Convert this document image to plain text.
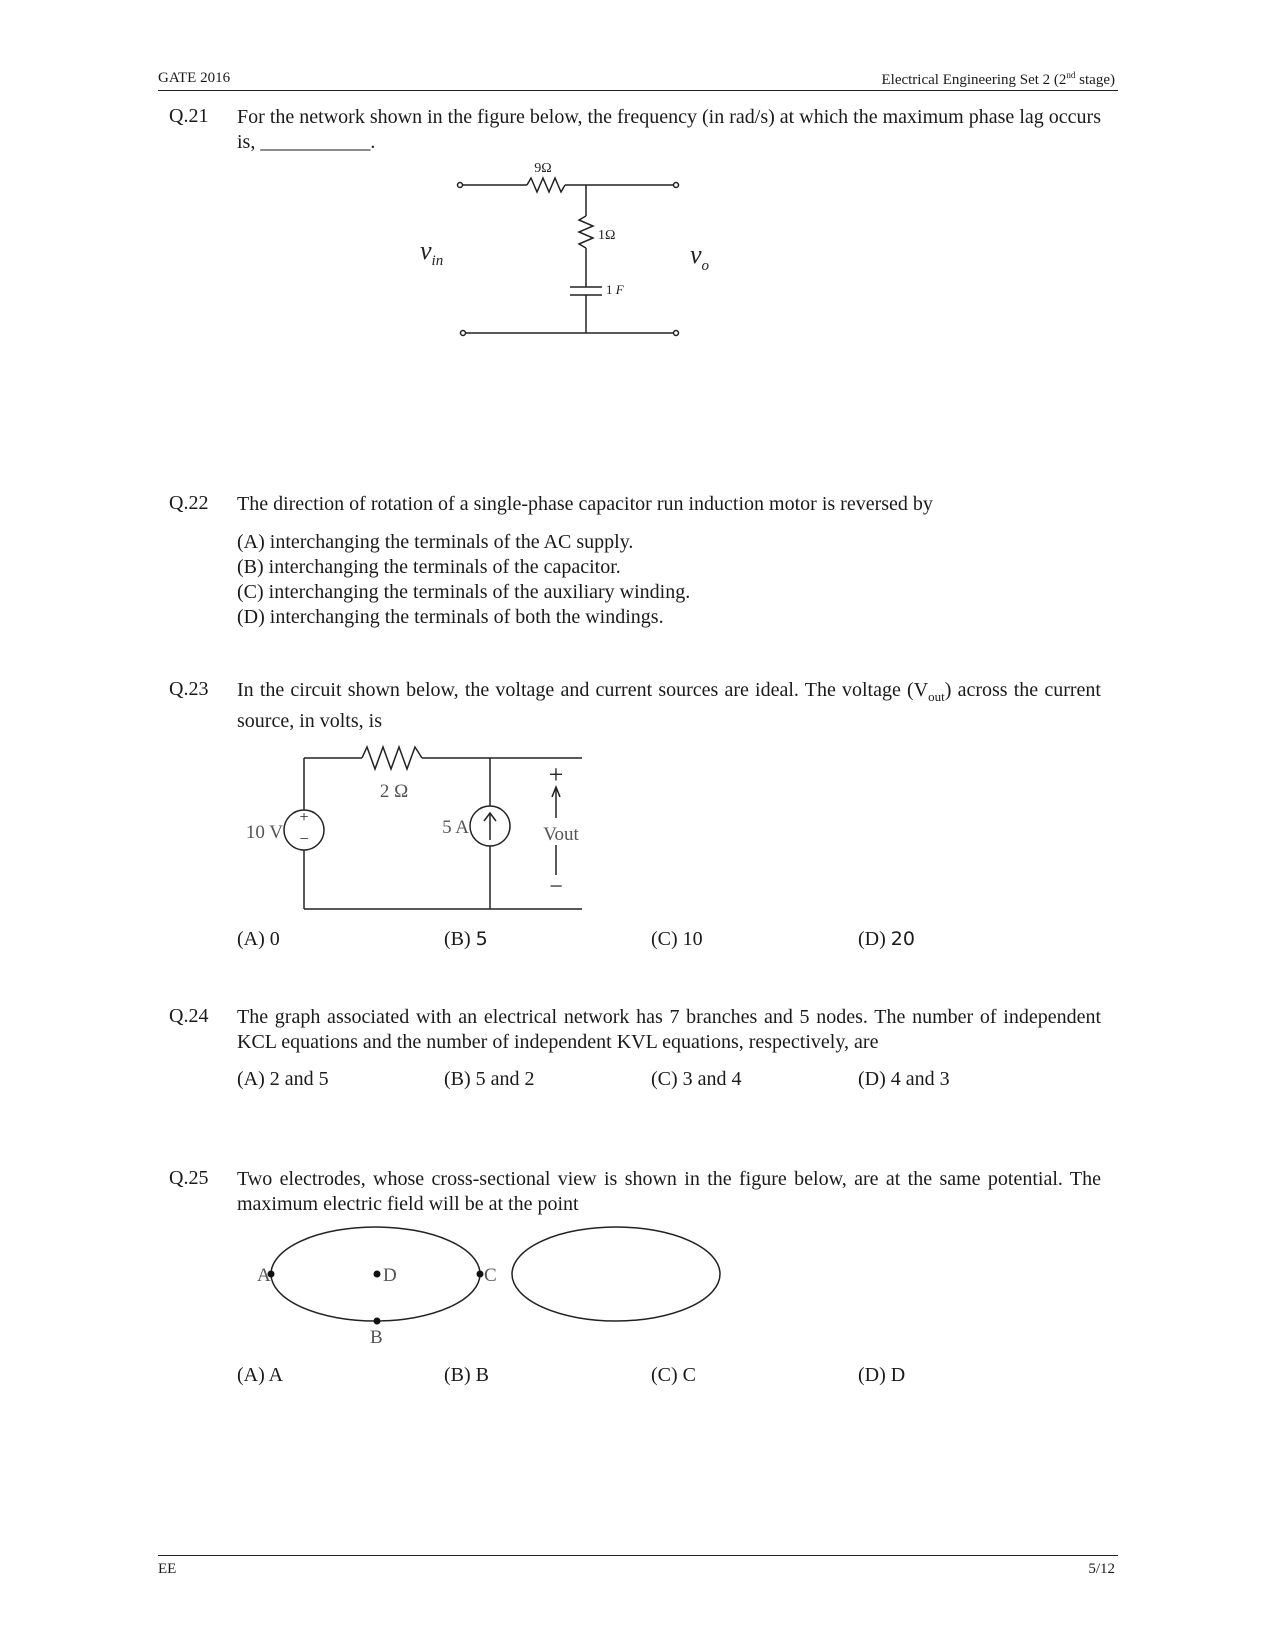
GATE 2016	Electrical Engineering Set 2 (2nd stage)
Q.21 For the network shown in the figure below, the frequency (in rad/s) at which the maximum phase lag occurs is, ___________.

9Ω
1Ω
1 F
$v_{in}$	$v_o$
Q.22 The direction of rotation of a single-phase capacitor run induction motor is reversed by

(A) interchanging the terminals of the AC supply.
(B) interchanging the terminals of the capacitor.
(C) interchanging the terminals of the auxiliary winding.
(D) interchanging the terminals of both the windings.
Q.23 In the circuit shown below, the voltage and current sources are ideal. The voltage $(V_{out})$ across the current source, in volts, is

+
−
+
−
2 Ω
10 V	5 A	Vout
(A) 0	(B) 5	(C) 10	(D) 20
Q.24 The graph associated with an electrical network has 7 branches and 5 nodes. The number of independent KCL equations and the number of independent KVL equations, respectively, are

(A) 2 and 5	(B) 5 and 2	(C) 3 and 4	(D) 4 and 3
Q.25 Two electrodes, whose cross-sectional view is shown in the figure below, are at the same potential. The maximum electric field will be at the point

A	D	C
B
(A) A	(B) B	(C) C	(D) D
EE	5/12
